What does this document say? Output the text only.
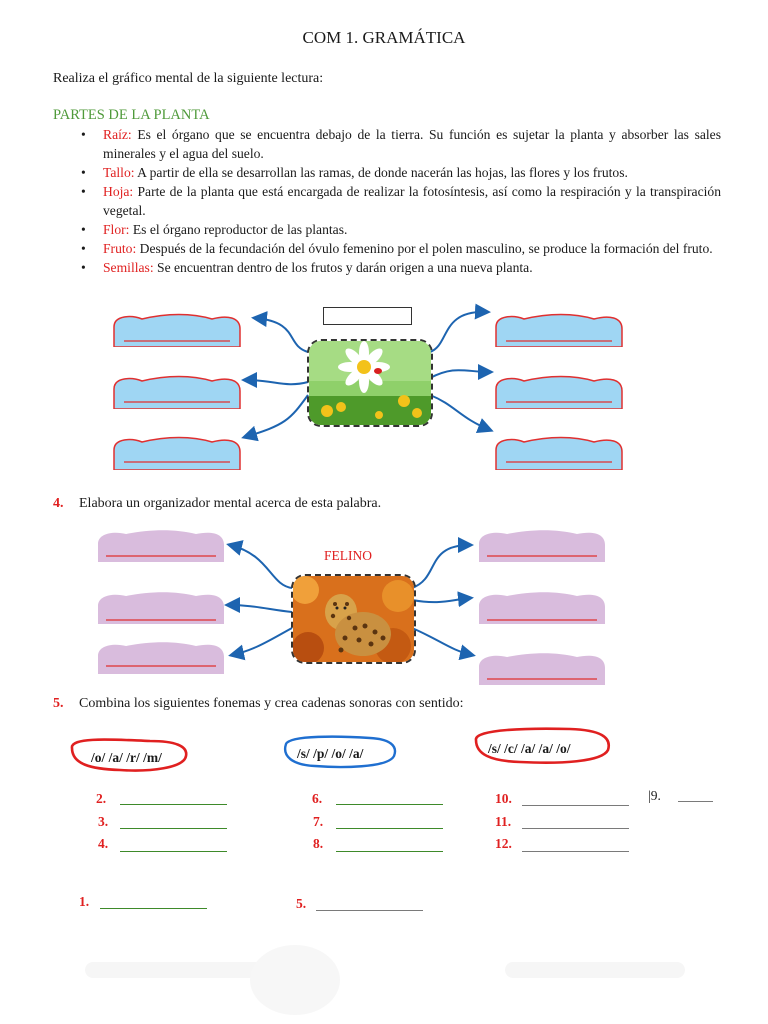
COM 1. GRAMÁTICA
Realiza el gráfico mental de la siguiente lectura:
PARTES DE LA PLANTA
• Raíz: Es el órgano que se encuentra debajo de la tierra. Su función es sujetar la planta y absorber las sales minerales y el agua del suelo.
• Tallo: A partir de ella se desarrollan las ramas, de donde nacerán las hojas, las flores y los frutos.
• Hoja: Parte de la planta que está encargada de realizar la fotosíntesis, así como la respiración y la transpiración vegetal.
• Flor: Es el órgano reproductor de las plantas.
• Fruto: Después de la fecundación del óvulo femenino por el polen masculino, se produce la formación del fruto.
• Semillas: Se encuentran dentro de los frutos y darán origen a una nueva planta.
4. Elabora un organizador mental acerca de esta palabra.
FELINO
5. Combina los siguientes fonemas y crea cadenas sonoras con sentido:
/o/ /a/ /r/ /m/	/s/ /p/ /o/ /a/	/s/ /c/ /a/ /a/ /o/
2.
3.
4.
6.
7.
8.
10.
11.
12.
|9.
1.	5.
